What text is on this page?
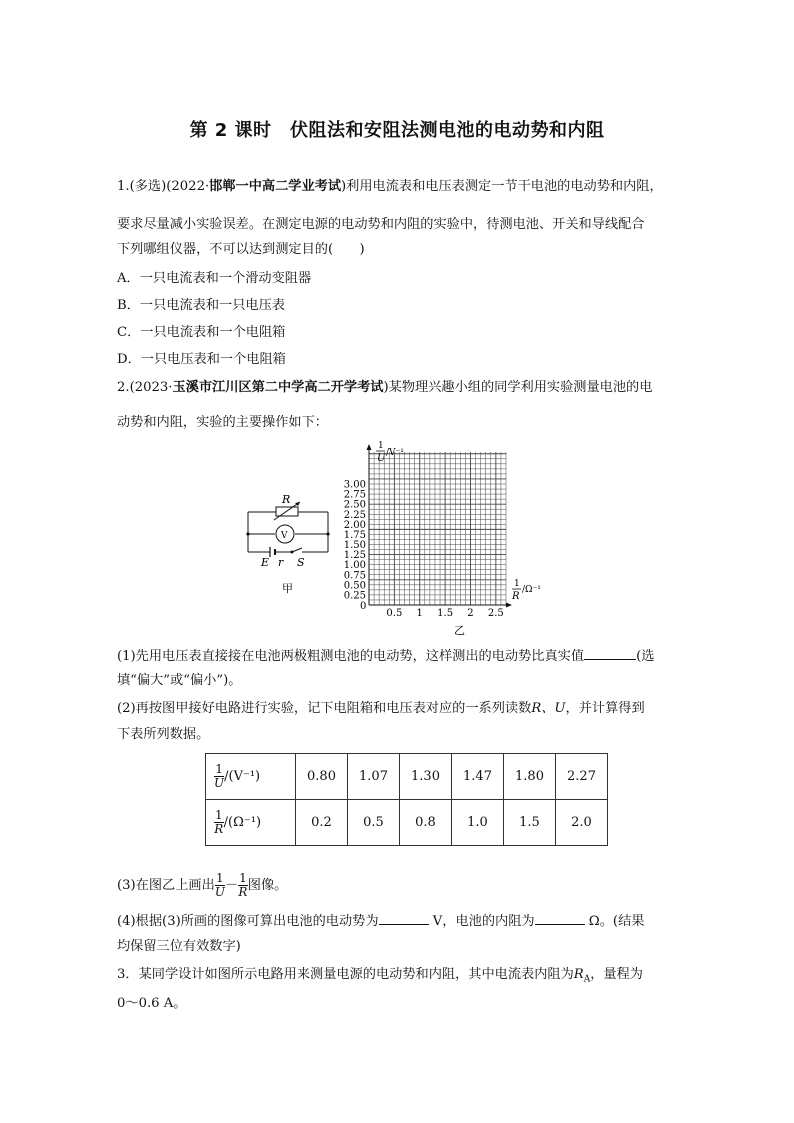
第 2 课时　伏阻法和安阻法测电池的电动势和内阻
1.(多选)(2022·邯郸一中高二学业考试)利用电流表和电压表测定一节干电池的电动势和内阻，
要求尽量减小实验误差。在测定电源的电动势和内阻的实验中，待测电池、开关和导线配合
下列哪组仪器，不可以达到测定目的(　　)
A．一只电流表和一个滑动变阻器
B．一只电流表和一只电压表
C．一只电流表和一个电阻箱
D．一只电压表和一个电阻箱
2.(2023·玉溪市江川区第二中学高二开学考试)某物理兴趣小组的同学利用实验测量电池的电
动势和内阻，实验的主要操作如下：
R
V
E r S
甲
3.00
2.75
2.50
2.25
2.00
1.75
1.50
1.25
1.00
0.75
0.50
0.25
0.5 1 1.5 2 2.5
1
U /V⁻¹
1
R
/Ω⁻¹
0
乙
(1)先用电压表直接接在电池两极粗测电池的电动势，这样测出的电动势比真实值	(选
填“偏大”或“偏小”)。
(2)再按图甲接好电路进行实验，记下电阻箱和电压表对应的一系列读数R、U，并计算得到
下表所列数据。
$\frac{1}{U}/(V^{-1})$	0.80	1.07	1.30	1.47	1.80	2.27

$\frac{1}{R}/(\Omega^{-1})$	0.2	0.5	0.8	1.0	1.5	2.0
(3)在图乙上画出 $\frac{1}{U}- \frac{1}{R}$图像。
(4)根据(3)所画的图像可算出电池的电动势为	V，电池的内阻为	Ω。(结果
均保留三位有效数字)
3．某同学设计如图所示电路用来测量电源的电动势和内阻，其中电流表内阻为$R_A$，量程为
0～0.6 A。
